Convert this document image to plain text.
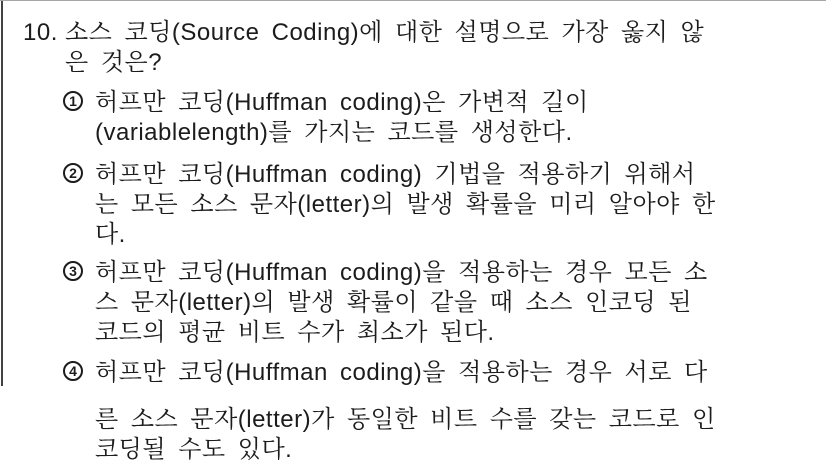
10. 소스 코딩(Source Coding)에 대한 설명으로 가장 옳지 않
은 것은?
1 허프만 코딩(Huffman coding)은 가변적 길이
(variablelength)를 가지는 코드를 생성한다.
2 허프만 코딩(Huffman coding) 기법을 적용하기 위해서
는 모든 소스 문자(letter)의 발생 확률을 미리 알아야 한
다.
3 허프만 코딩(Huffman coding)을 적용하는 경우 모든 소
스 문자(letter)의 발생 확률이 같을 때 소스 인코딩 된
코드의 평균 비트 수가 최소가 된다.
4 허프만 코딩(Huffman coding)을 적용하는 경우 서로 다
른 소스 문자(letter)가 동일한 비트 수를 갖는 코드로 인
코딩될 수도 있다.
